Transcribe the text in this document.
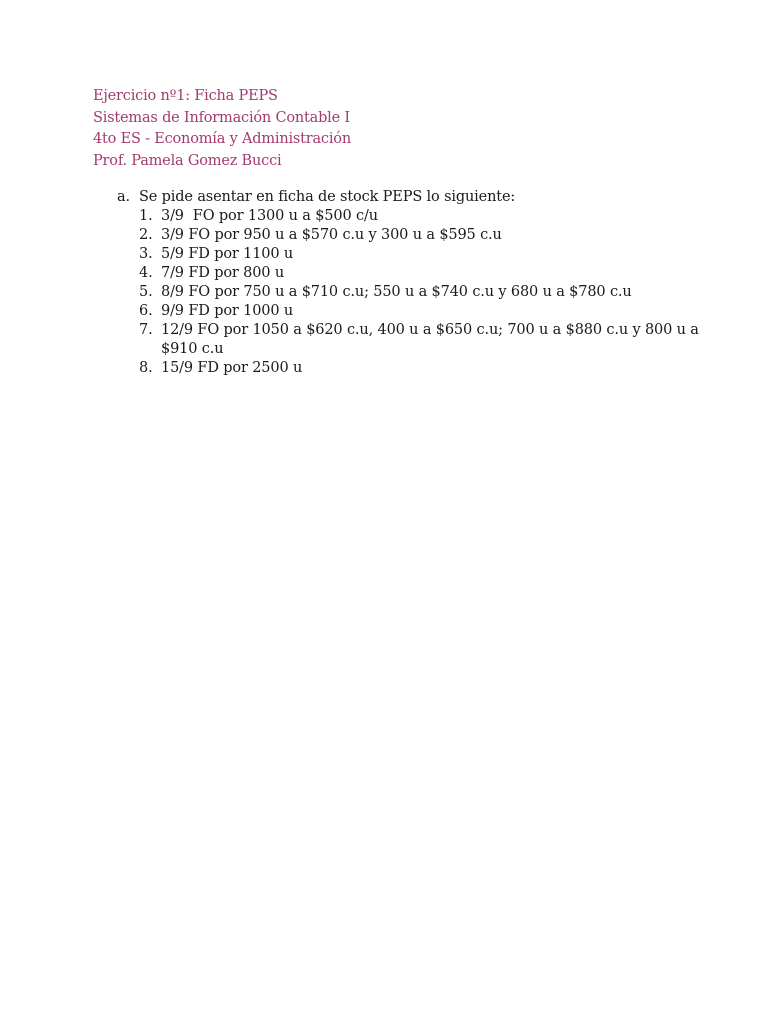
Ejercicio nº1: Ficha PEPS
Sistemas de Información Contable I
4to ES - Economía y Administración
Prof. Pamela Gomez Bucci
a. Se pide asentar en ficha de stock PEPS lo siguiente:
1. 3/9  FO por 1300 u a $500 c/u
2. 3/9 FO por 950 u a $570 c.u y 300 u a $595 c.u
3. 5/9 FD por 1100 u
4. 7/9 FD por 800 u
5. 8/9 FO por 750 u a $710 c.u; 550 u a $740 c.u y 680 u a $780 c.u
6. 9/9 FD por 1000 u
7. 12/9 FO por 1050 a $620 c.u, 400 u a $650 c.u; 700 u a $880 c.u y 800 u a $910 c.u
8. 15/9 FD por 2500 u
